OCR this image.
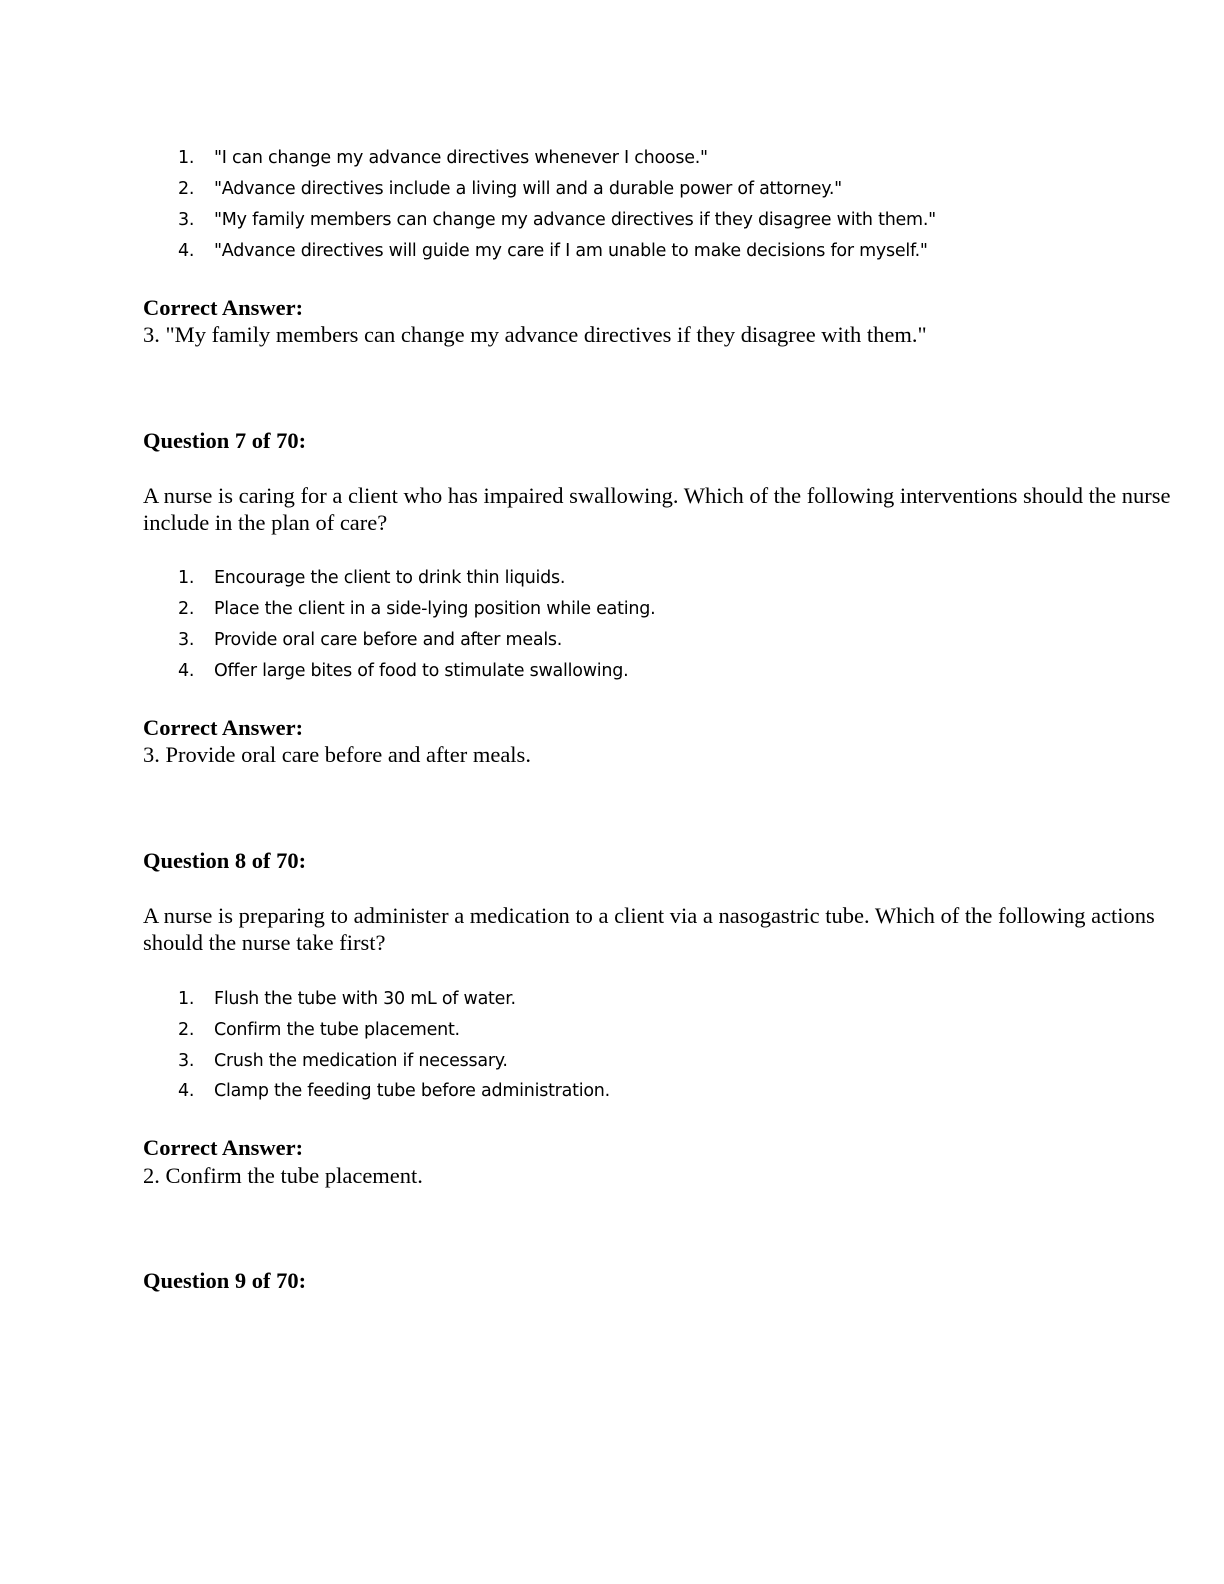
1.	"I can change my advance directives whenever I choose."
2.	"Advance directives include a living will and a durable power of attorney."
3.	"My family members can change my advance directives if they disagree with them."
4.	"Advance directives will guide my care if I am unable to make decisions for myself."
Correct Answer:
3. "My family members can change my advance directives if they disagree with them."
Question 7 of 70:
A nurse is caring for a client who has impaired swallowing. Which of the following interventions should the nurse include in the plan of care?
1.	Encourage the client to drink thin liquids.
2.	Place the client in a side-lying position while eating.
3.	Provide oral care before and after meals.
4.	Offer large bites of food to stimulate swallowing.
Correct Answer:
3. Provide oral care before and after meals.
Question 8 of 70:
A nurse is preparing to administer a medication to a client via a nasogastric tube. Which of the following actions should the nurse take first?
1.	Flush the tube with 30 mL of water.
2.	Confirm the tube placement.
3.	Crush the medication if necessary.
4.	Clamp the feeding tube before administration.
Correct Answer:
2. Confirm the tube placement.
Question 9 of 70:
